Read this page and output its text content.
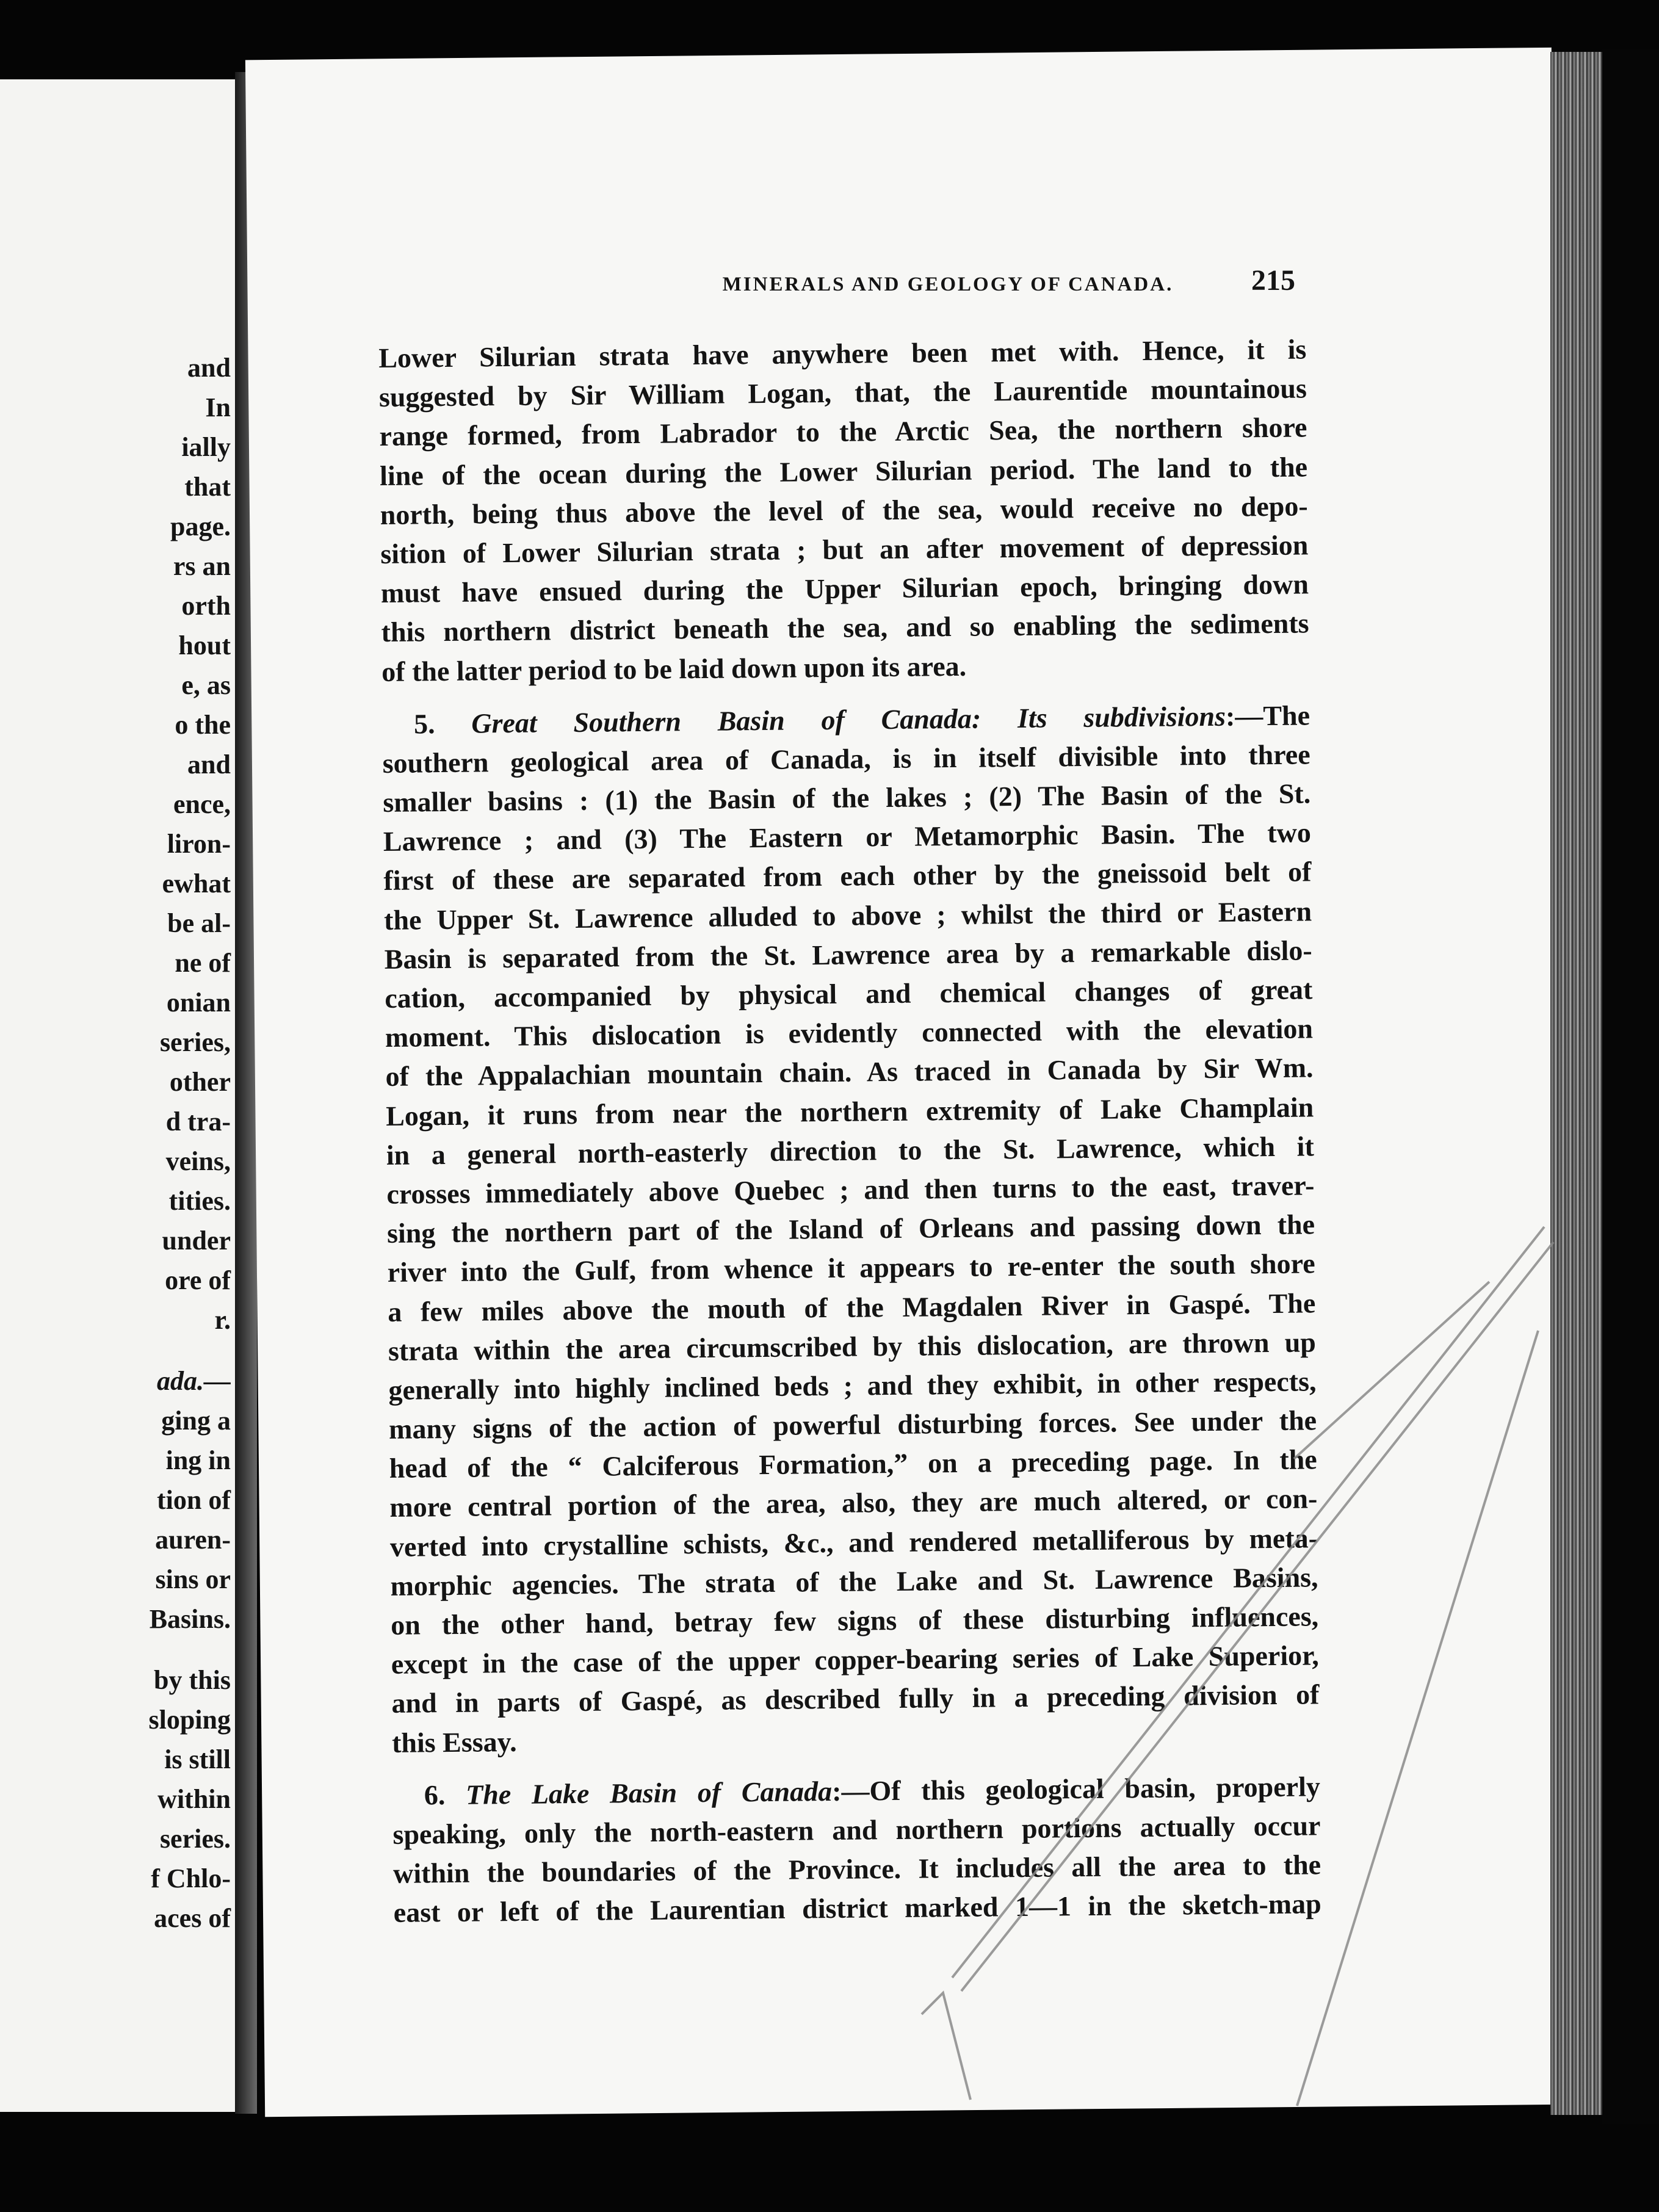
and
In
ially
that
page.
rs an
orth
hout
e, as
o the
and
ence,
liron-
ewhat
be al-
ne of
onian
series,
other
d tra-
veins,
tities.
under
ore of
r.
ada.—
ging a
ing in
tion of
auren-
sins or
Basins.
by this
sloping
is still
within
series.
f Chlo-
aces of
MINERALS AND GEOLOGY OF CANADA.	215
Lower Silurian strata have anywhere been met with. Hence, it is
suggested by Sir William Logan, that, the Laurentide mountainous
range formed, from Labrador to the Arctic Sea, the northern shore
line of the ocean during the Lower Silurian period. The land to the
north, being thus above the level of the sea, would receive no depo-
sition of Lower Silurian strata ; but an after movement of depression
must have ensued during the Upper Silurian epoch, bringing down
this northern district beneath the sea, and so enabling the sediments
of the latter period to be laid down upon its area.
5. Great Southern Basin of Canada: Its subdivisions:—The
southern geological area of Canada, is in itself divisible into three
smaller basins : (1) the Basin of the lakes ; (2) The Basin of the St.
Lawrence ; and (3) The Eastern or Metamorphic Basin. The two
first of these are separated from each other by the gneissoid belt of
the Upper St. Lawrence alluded to above ; whilst the third or Eastern
Basin is separated from the St. Lawrence area by a remarkable dislo-
cation, accompanied by physical and chemical changes of great
moment. This dislocation is evidently connected with the elevation
of the Appalachian mountain chain. As traced in Canada by Sir Wm.
Logan, it runs from near the northern extremity of Lake Champlain
in a general north-easterly direction to the St. Lawrence, which it
crosses immediately above Quebec ; and then turns to the east, traver-
sing the northern part of the Island of Orleans and passing down the
river into the Gulf, from whence it appears to re-enter the south shore
a few miles above the mouth of the Magdalen River in Gaspé. The
strata within the area circumscribed by this dislocation, are thrown up
generally into highly inclined beds ; and they exhibit, in other respects,
many signs of the action of powerful disturbing forces. See under the
head of the “ Calciferous Formation,” on a preceding page. In the
more central portion of the area, also, they are much altered, or con-
verted into crystalline schists, &c., and rendered metalliferous by meta-
morphic agencies. The strata of the Lake and St. Lawrence Basins,
on the other hand, betray few signs of these disturbing influences,
except in the case of the upper copper-bearing series of Lake Superior,
and in parts of Gaspé, as described fully in a preceding division of
this Essay.
6. The Lake Basin of Canada:—Of this geological basin, properly
speaking, only the north-eastern and northern portions actually occur
within the boundaries of the Province. It includes all the area to the
east or left of the Laurentian district marked 1—1 in the sketch-map
